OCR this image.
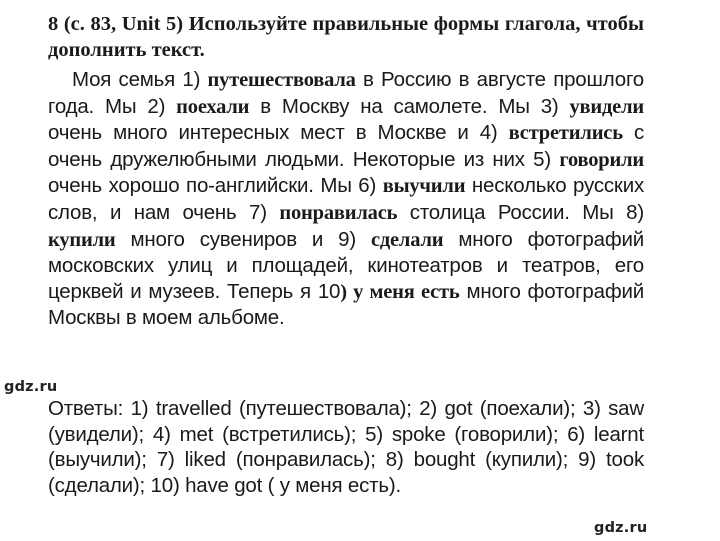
8 (с. 83, Unit 5) Используйте правильные формы глагола, чтобы дополнить текст.
Моя семья 1) путешествовала в Россию в августе прошлого года. Мы 2) поехали в Москву на самолете. Мы 3) увидели очень много интересных мест в Москве и 4) встретились с очень дружелюбными людьми. Некоторые из них 5) говорили очень хорошо по-английски. Мы 6) выучили несколько русских слов, и нам очень 7) понравилась столица России. Мы 8) купили много сувениров и 9) сделали много фотографий московских улиц и площадей, кинотеатров и театров, его церквей и музеев. Теперь я 10) у меня есть много фотографий Москвы в моем альбоме.
gdz.ru
Ответы: 1) travelled (путешествовала); 2) got (поехали); 3) saw (увидели); 4) met (встретились); 5) spoke (говорили); 6) learnt (выучили); 7) liked (понравилась); 8) bought (купили); 9) took (сделали); 10) have got ( у меня есть).
gdz.ru
